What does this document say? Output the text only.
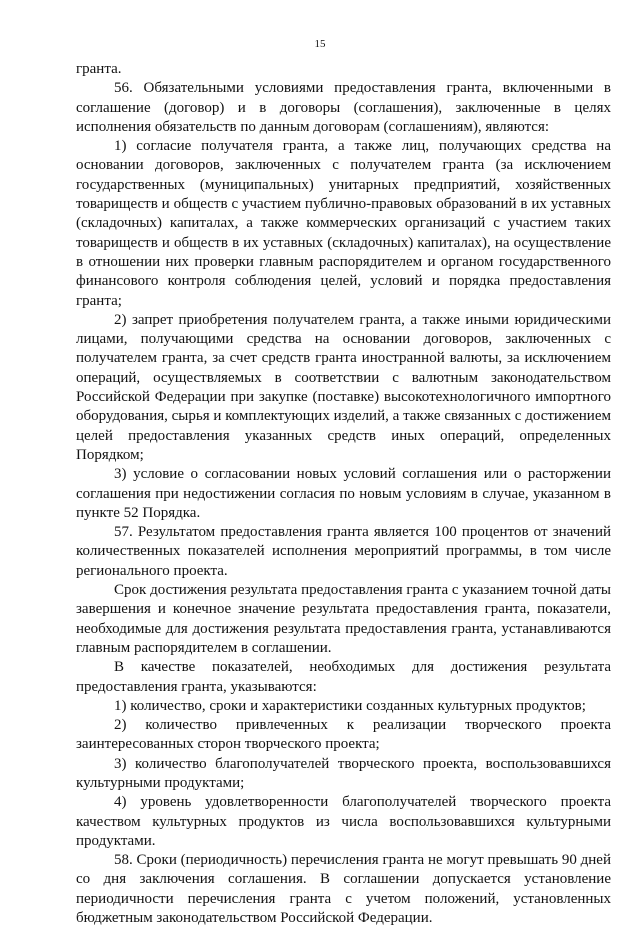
15

гранта.

56. Обязательными условиями предоставления гранта, включенными в соглашение (договор) и в договоры (соглашения), заключенные в целях исполнения обязательств по данным договорам (соглашениям), являются:

1) согласие получателя гранта, а также лиц, получающих средства на основании договоров, заключенных с получателем гранта (за исключением государственных (муниципальных) унитарных предприятий, хозяйственных товариществ и обществ с участием публично-правовых образований в их уставных (складочных) капиталах, а также коммерческих организаций с участием таких товариществ и обществ в их уставных (складочных) капиталах), на осуществление в отношении них проверки главным распорядителем и органом государственного финансового контроля соблюдения целей, условий и порядка предоставления гранта;

2) запрет приобретения получателем гранта, а также иными юридическими лицами, получающими средства на основании договоров, заключенных с получателем гранта, за счет средств гранта иностранной валюты, за исключением операций, осуществляемых в соответствии с валютным законодательством Российской Федерации при закупке (поставке) высокотехнологичного импортного оборудования, сырья и комплектующих изделий, а также связанных с достижением целей предоставления указанных средств иных операций, определенных Порядком;

3) условие о согласовании новых условий соглашения или о расторжении соглашения при недостижении согласия по новым условиям в случае, указанном в пункте 52 Порядка.

57. Результатом предоставления гранта является 100 процентов от значений количественных показателей исполнения мероприятий программы, в том числе регионального проекта.

Срок достижения результата предоставления гранта с указанием точной даты завершения и конечное значение результата предоставления гранта, показатели, необходимые для достижения результата предоставления гранта, устанавливаются главным распорядителем в соглашении.

В качестве показателей, необходимых для достижения результата предоставления гранта, указываются:

1) количество, сроки и характеристики созданных культурных продуктов;

2) количество привлеченных к реализации творческого проекта заинтересованных сторон творческого проекта;

3) количество благополучателей творческого проекта, воспользовавшихся культурными продуктами;

4) уровень удовлетворенности благополучателей творческого проекта качеством культурных продуктов из числа воспользовавшихся культурными продуктами.

58. Сроки (периодичность) перечисления гранта не могут превышать 90 дней со дня заключения соглашения. В соглашении допускается установление периодичности перечисления гранта с учетом положений, установленных бюджетным законодательством Российской Федерации.
